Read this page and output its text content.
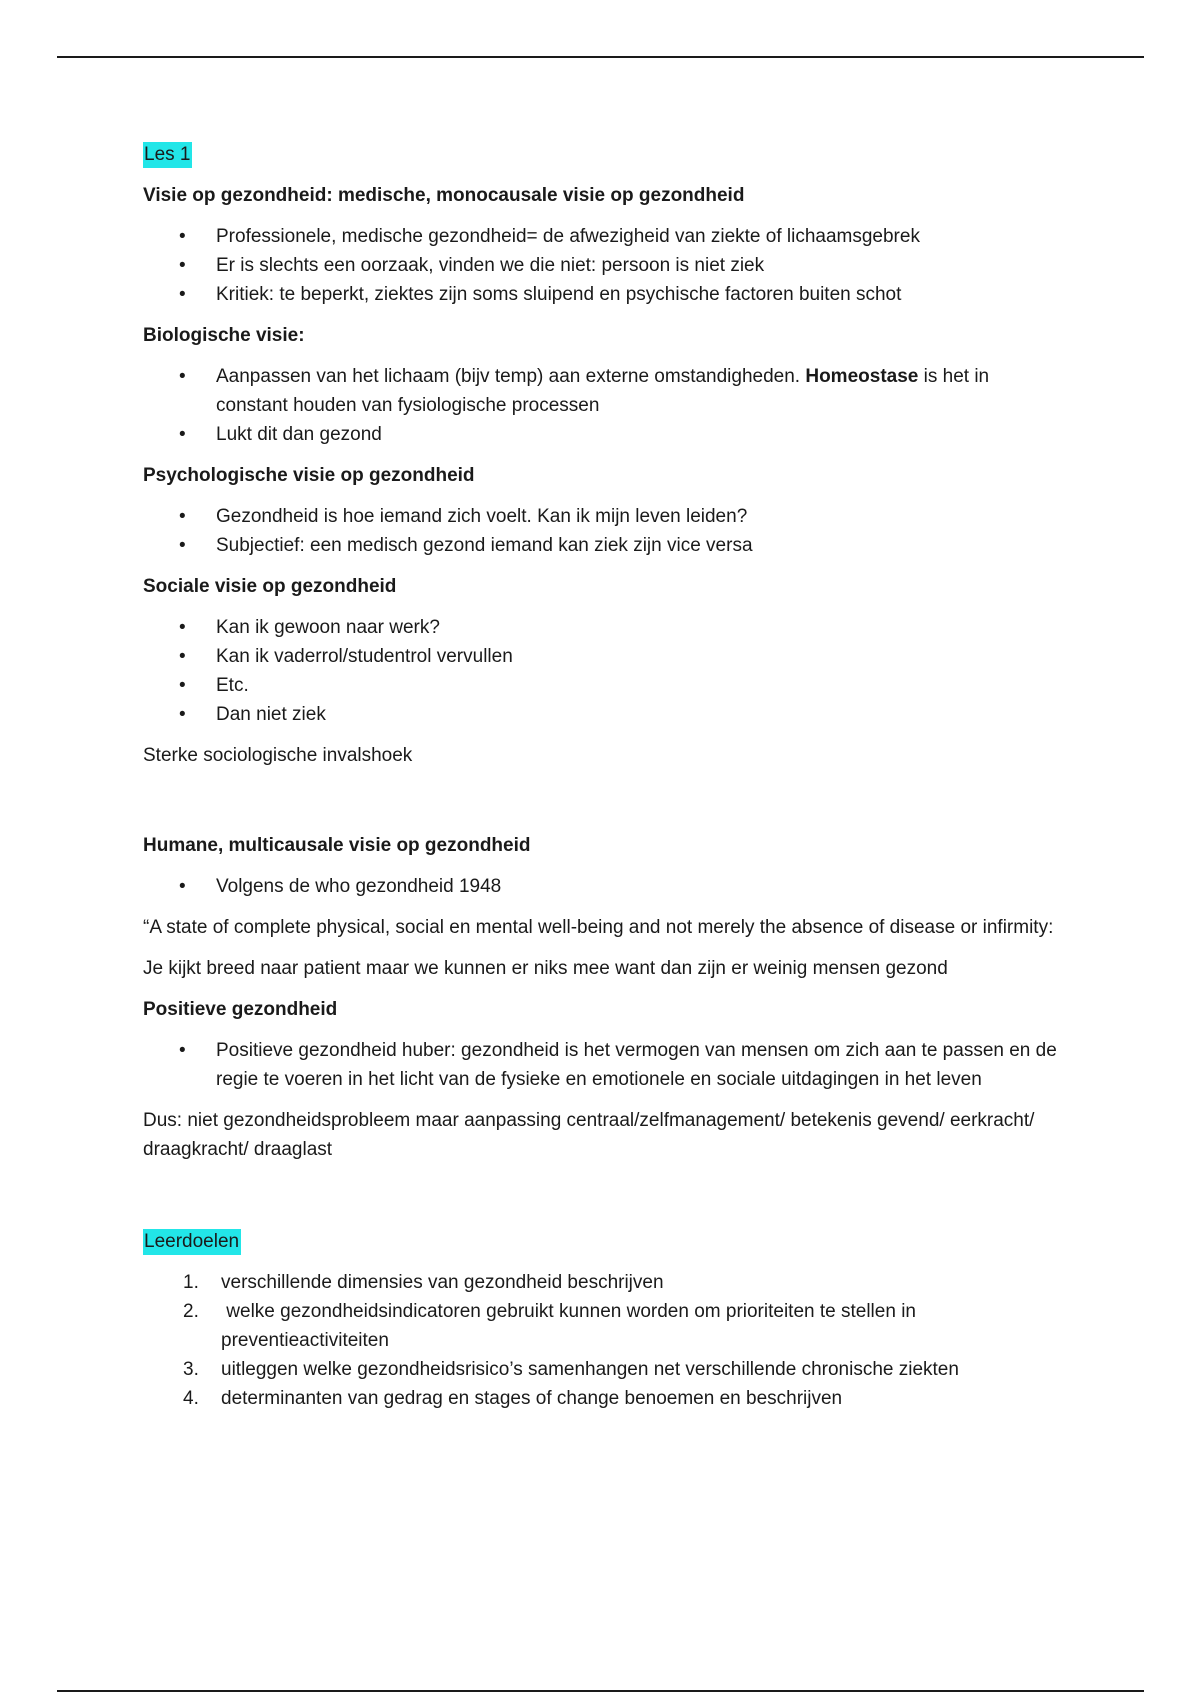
Les 1
Visie op gezondheid: medische, monocausale visie op gezondheid
• Professionele, medische gezondheid= de afwezigheid van ziekte of lichaamsgebrek
• Er is slechts een oorzaak, vinden we die niet: persoon is niet ziek
• Kritiek: te beperkt, ziektes zijn soms sluipend en psychische factoren buiten schot
Biologische visie:
• Aanpassen van het lichaam (bijv temp) aan externe omstandigheden. Homeostase is het in constant houden van fysiologische processen
• Lukt dit dan gezond
Psychologische visie op gezondheid
• Gezondheid is hoe iemand zich voelt. Kan ik mijn leven leiden?
• Subjectief: een medisch gezond iemand kan ziek zijn vice versa
Sociale visie op gezondheid
• Kan ik gewoon naar werk?
• Kan ik vaderrol/studentrol vervullen
• Etc.
• Dan niet ziek

Sterke sociologische invalshoek

Humane, multicausale visie op gezondheid
• Volgens de who gezondheid 1948

“A state of complete physical, social en mental well-being and not merely the absence of disease or infirmity:

Je kijkt breed naar patient maar we kunnen er niks mee want dan zijn er weinig mensen gezond

Positieve gezondheid
• Positieve gezondheid huber: gezondheid is het vermogen van mensen om zich aan te passen en de regie te voeren in het licht van de fysieke en emotionele en sociale uitdagingen in het leven

Dus: niet gezondheidsprobleem maar aanpassing centraal/zelfmanagement/ betekenis gevend/ eerkracht/ draagkracht/ draaglast

Leerdoelen
1. verschillende dimensies van gezondheid beschrijven
2. welke gezondheidsindicatoren gebruikt kunnen worden om prioriteiten te stellen in preventieactiviteiten
3. uitleggen welke gezondheidsrisico’s samenhangen net verschillende chronische ziekten
4. determinanten van gedrag en stages of change benoemen en beschrijven
